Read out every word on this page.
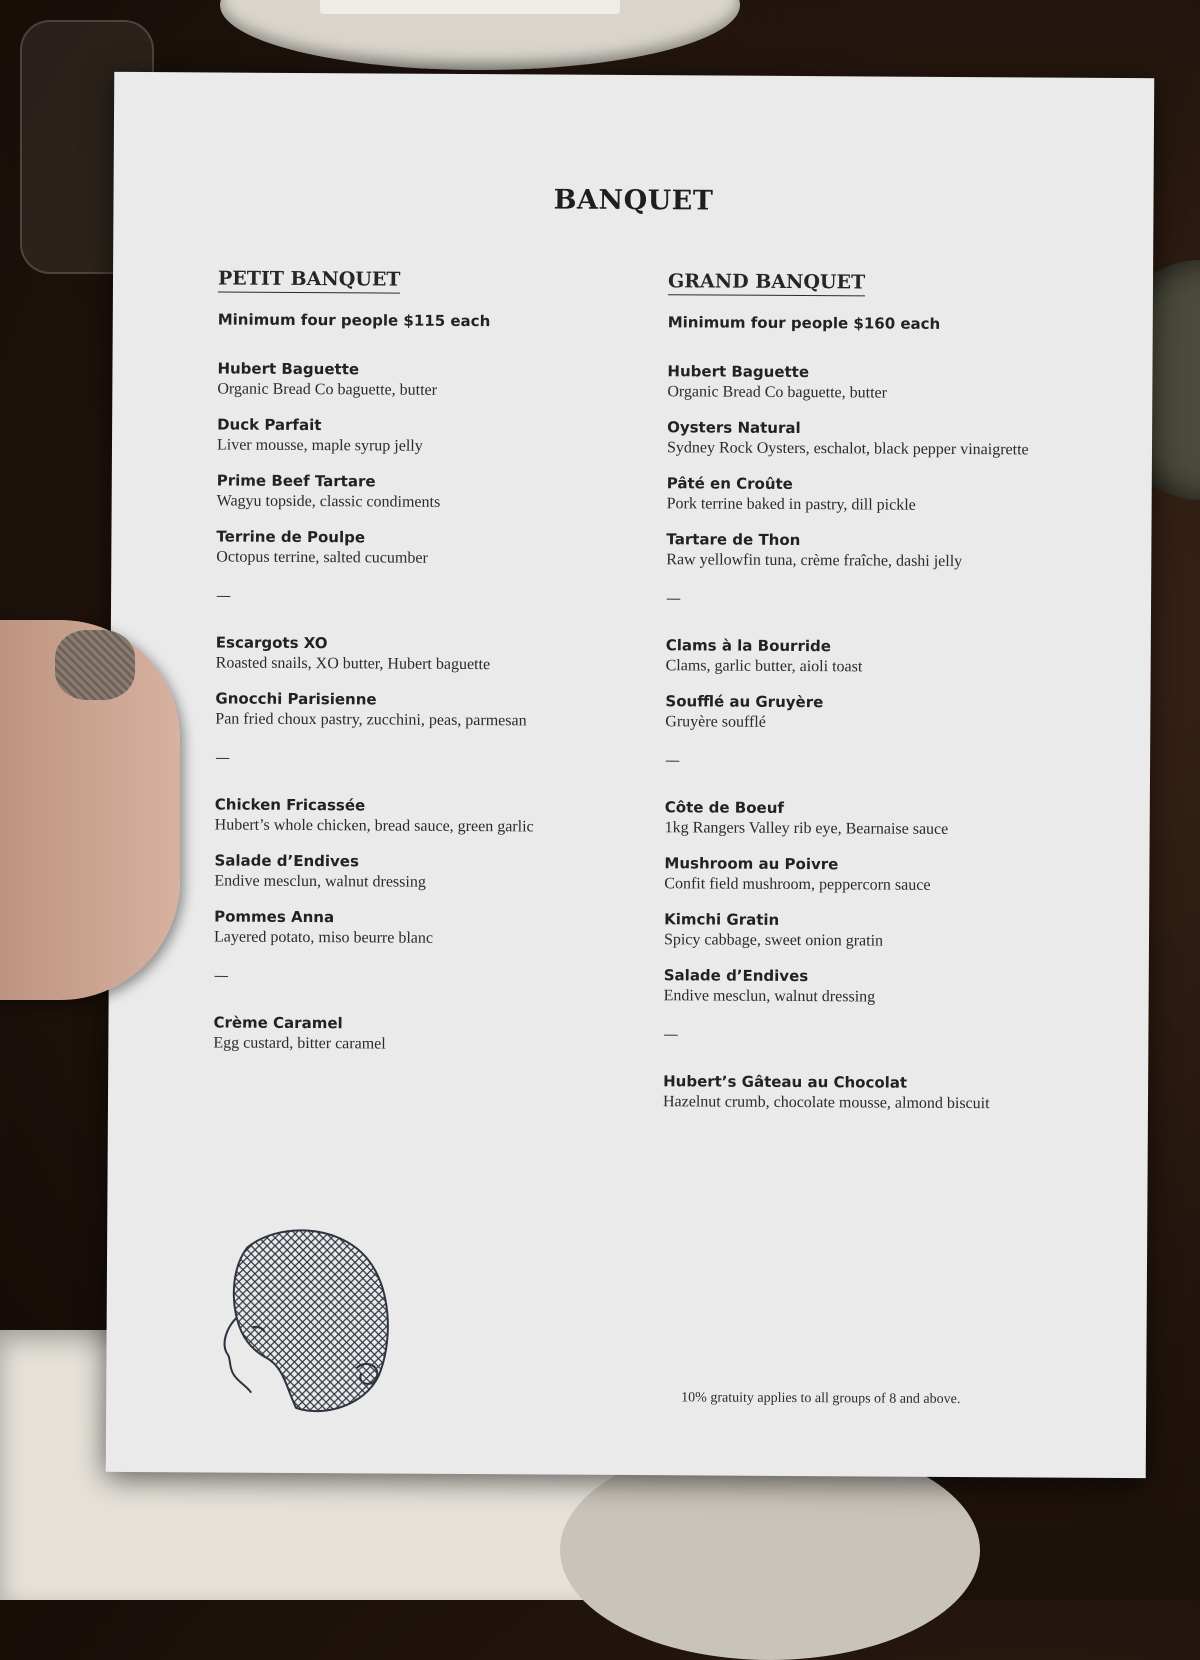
BANQUET
PETIT BANQUET
Minimum four people $115 each
Hubert Baguette
Organic Bread Co baguette, butter
Duck Parfait
Liver mousse, maple syrup jelly
Prime Beef Tartare
Wagyu topside, classic condiments
Terrine de Poulpe
Octopus terrine, salted cucumber
—
Escargots XO
Roasted snails, XO butter, Hubert baguette
Gnocchi Parisienne
Pan fried choux pastry, zucchini, peas, parmesan
—
Chicken Fricassée
Hubert’s whole chicken, bread sauce, green garlic
Salade d’Endives
Endive mesclun, walnut dressing
Pommes Anna
Layered potato, miso beurre blanc
—
Crème Caramel
Egg custard, bitter caramel
GRAND BANQUET
Minimum four people $160 each
Hubert Baguette
Organic Bread Co baguette, butter
Oysters Natural
Sydney Rock Oysters, eschalot, black pepper vinaigrette
Pâté en Croûte
Pork terrine baked in pastry, dill pickle
Tartare de Thon
Raw yellowfin tuna, crème fraîche, dashi jelly
—
Clams à la Bourride
Clams, garlic butter, aioli toast
Soufflé au Gruyère
Gruyère soufflé
—
Côte de Boeuf
1kg Rangers Valley rib eye, Bearnaise sauce
Mushroom au Poivre
Confit field mushroom, peppercorn sauce
Kimchi Gratin
Spicy cabbage, sweet onion gratin
Salade d’Endives
Endive mesclun, walnut dressing
—
Hubert’s Gâteau au Chocolat
Hazelnut crumb, chocolate mousse, almond biscuit
10% gratuity applies to all groups of 8 and above.
